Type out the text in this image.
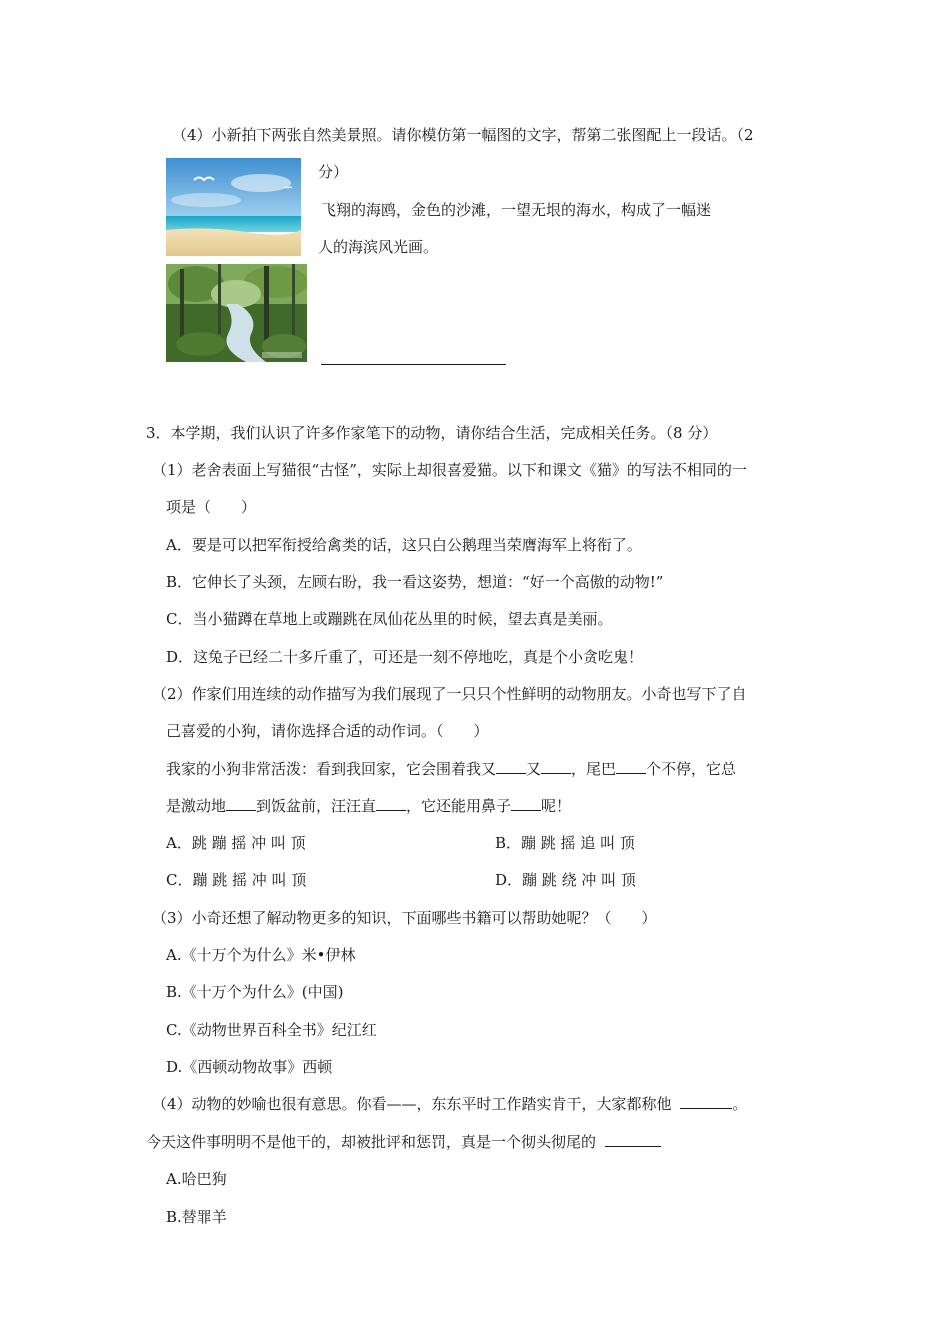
（4）小新拍下两张自然美景照。请你模仿第一幅图的文字，帮第二张图配上一段话。（2
分）
飞翔的海鸥，金色的沙滩，一望无垠的海水，构成了一幅迷
人的海滨风光画。
3．本学期，我们认识了许多作家笔下的动物，请你结合生活，完成相关任务。（8 分）
（1）老舍表面上写猫很“古怪”，实际上却很喜爱猫。以下和课文《猫》的写法不相同的一
项是（　　）
A．要是可以把军衔授给禽类的话，这只白公鹅理当荣膺海军上将衔了。
B．它伸长了头颈，左顾右盼，我一看这姿势，想道：“好一个高傲的动物!”
C．当小猫蹲在草地上或蹦跳在凤仙花丛里的时候，望去真是美丽。
D．这兔子已经二十多斤重了，可还是一刻不停地吃，真是个小贪吃鬼！
（2）作家们用连续的动作描写为我们展现了一只只个性鲜明的动物朋友。小奇也写下了自
己喜爱的小狗，请你选择合适的动作词。（　　）
我家的小狗非常活泼：看到我回家，它会围着我又 又 ，尾巴 个不停，它总
是激动地 到饭盆前，汪汪直 ，它还能用鼻子 呢！
A．跳 蹦 摇 冲 叫 顶	B．蹦 跳 摇 追 叫 顶
C．蹦 跳 摇 冲 叫 顶	D．蹦 跳 绕 冲 叫 顶
（3）小奇还想了解动物更多的知识，下面哪些书籍可以帮助她呢？（　　）
A.《十万个为什么》米•伊林
B.《十万个为什么》(中国)
C.《动物世界百科全书》纪江红
D.《西顿动物故事》西顿
（4）动物的妙喻也很有意思。你看——，东东平时工作踏实肯干，大家都称他	。
今天这件事明明不是他干的，却被批评和惩罚，真是一个彻头彻尾的
A.哈巴狗
B.替罪羊
